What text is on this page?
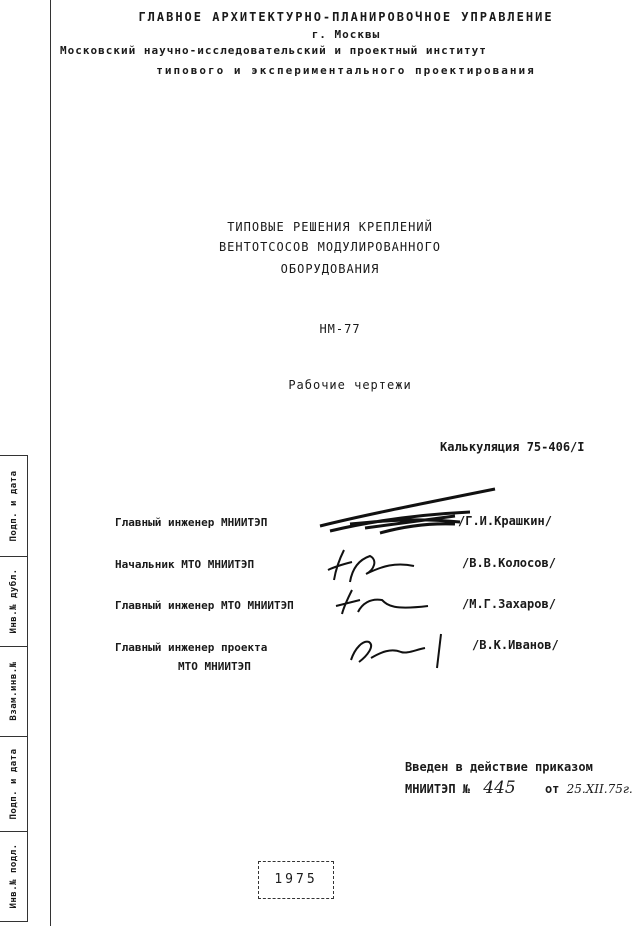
ГЛАВНОЕ АРХИТЕКТУРНО-ПЛАНИРОВОЧНОЕ УПРАВЛЕНИЕ
г. Москвы
Московский научно-исследовательский и проектный институт
типового и экспериментального проектирования
ТИПОВЫЕ РЕШЕНИЯ КРЕПЛЕНИЙ
ВЕНТОТСОСОВ МОДУЛИРОВАННОГО
ОБОРУДОВАНИЯ
НМ-77
Рабочие чертежи
Калькуляция 75-406/I
Главный инженер МНИИТЭП	/Г.И.Крашкин/
Начальник МТО МНИИТЭП	/В.В.Колосов/
Главный инженер МТО МНИИТЭП	/М.Г.Захаров/
Главный инженер проекта
МТО МНИИТЭП
/В.К.Иванов/
Введен в действие приказом
МНИИТЭП № 445 от 25.XII.75г.
1975
Подп. и дата
Инв.№ дубл.
Взам.инв.№
Подп. и дата
Инв.№ подл.
